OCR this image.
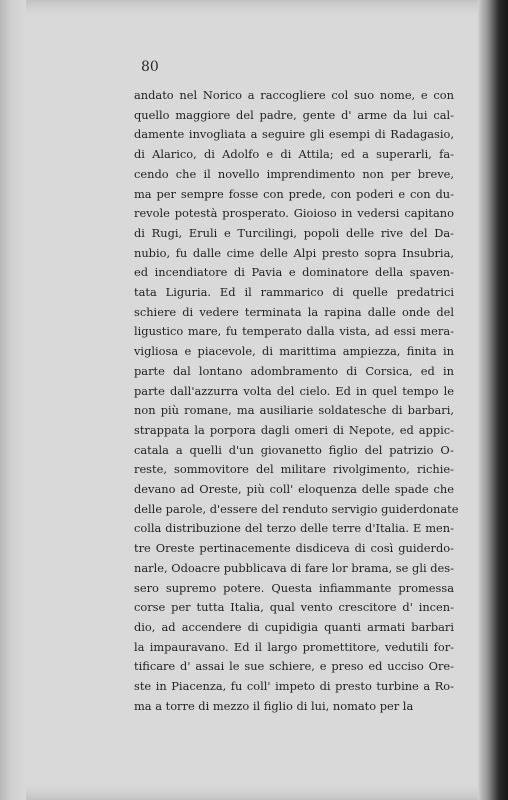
80
andato nel Norico a raccogliere col suo nome, e con
quello maggiore del padre, gente d' arme da lui cal-
damente invogliata a seguire gli esempi di Radagasio,
di Alarico, di Adolfo e di Attila; ed a superarli, fa-
cendo che il novello imprendimento non per breve,
ma per sempre fosse con prede, con poderi e con du-
revole potestà prosperato. Gioioso in vedersi capitano
di Rugi, Eruli e Turcilingi, popoli delle rive del Da-
nubio, fu dalle cime delle Alpi presto sopra Insubria,
ed incendiatore di Pavia e dominatore della spaven-
tata Liguria. Ed il rammarico di quelle predatrici
schiere di vedere terminata la rapina dalle onde del
ligustico mare, fu temperato dalla vista, ad essi mera-
vigliosa e piacevole, di marittima ampiezza, finita in
parte dal lontano adombramento di Corsica, ed in
parte dall'azzurra volta del cielo. Ed in quel tempo le
non più romane, ma ausiliarie soldatesche di barbari,
strappata la porpora dagli omeri di Nepote, ed appic-
catala a quelli d'un giovanetto figlio del patrizio O-
reste, sommovitore del militare rivolgimento, richie-
devano ad Oreste, più coll' eloquenza delle spade che
delle parole, d'essere del renduto servigio guiderdonate
colla distribuzione del terzo delle terre d'Italia. E men-
tre Oreste pertinacemente disdiceva di così guiderdo-
narle, Odoacre pubblicava di fare lor brama, se gli des-
sero supremo potere. Questa infiammante promessa
corse per tutta Italia, qual vento crescitore d' incen-
dio, ad accendere di cupidigia quanti armati barbari
la impauravano. Ed il largo promettitore, vedutili for-
tificare d' assai le sue schiere, e preso ed ucciso Ore-
ste in Piacenza, fu coll' impeto di presto turbine a Ro-
ma a torre di mezzo il figlio di lui, nomato per la
